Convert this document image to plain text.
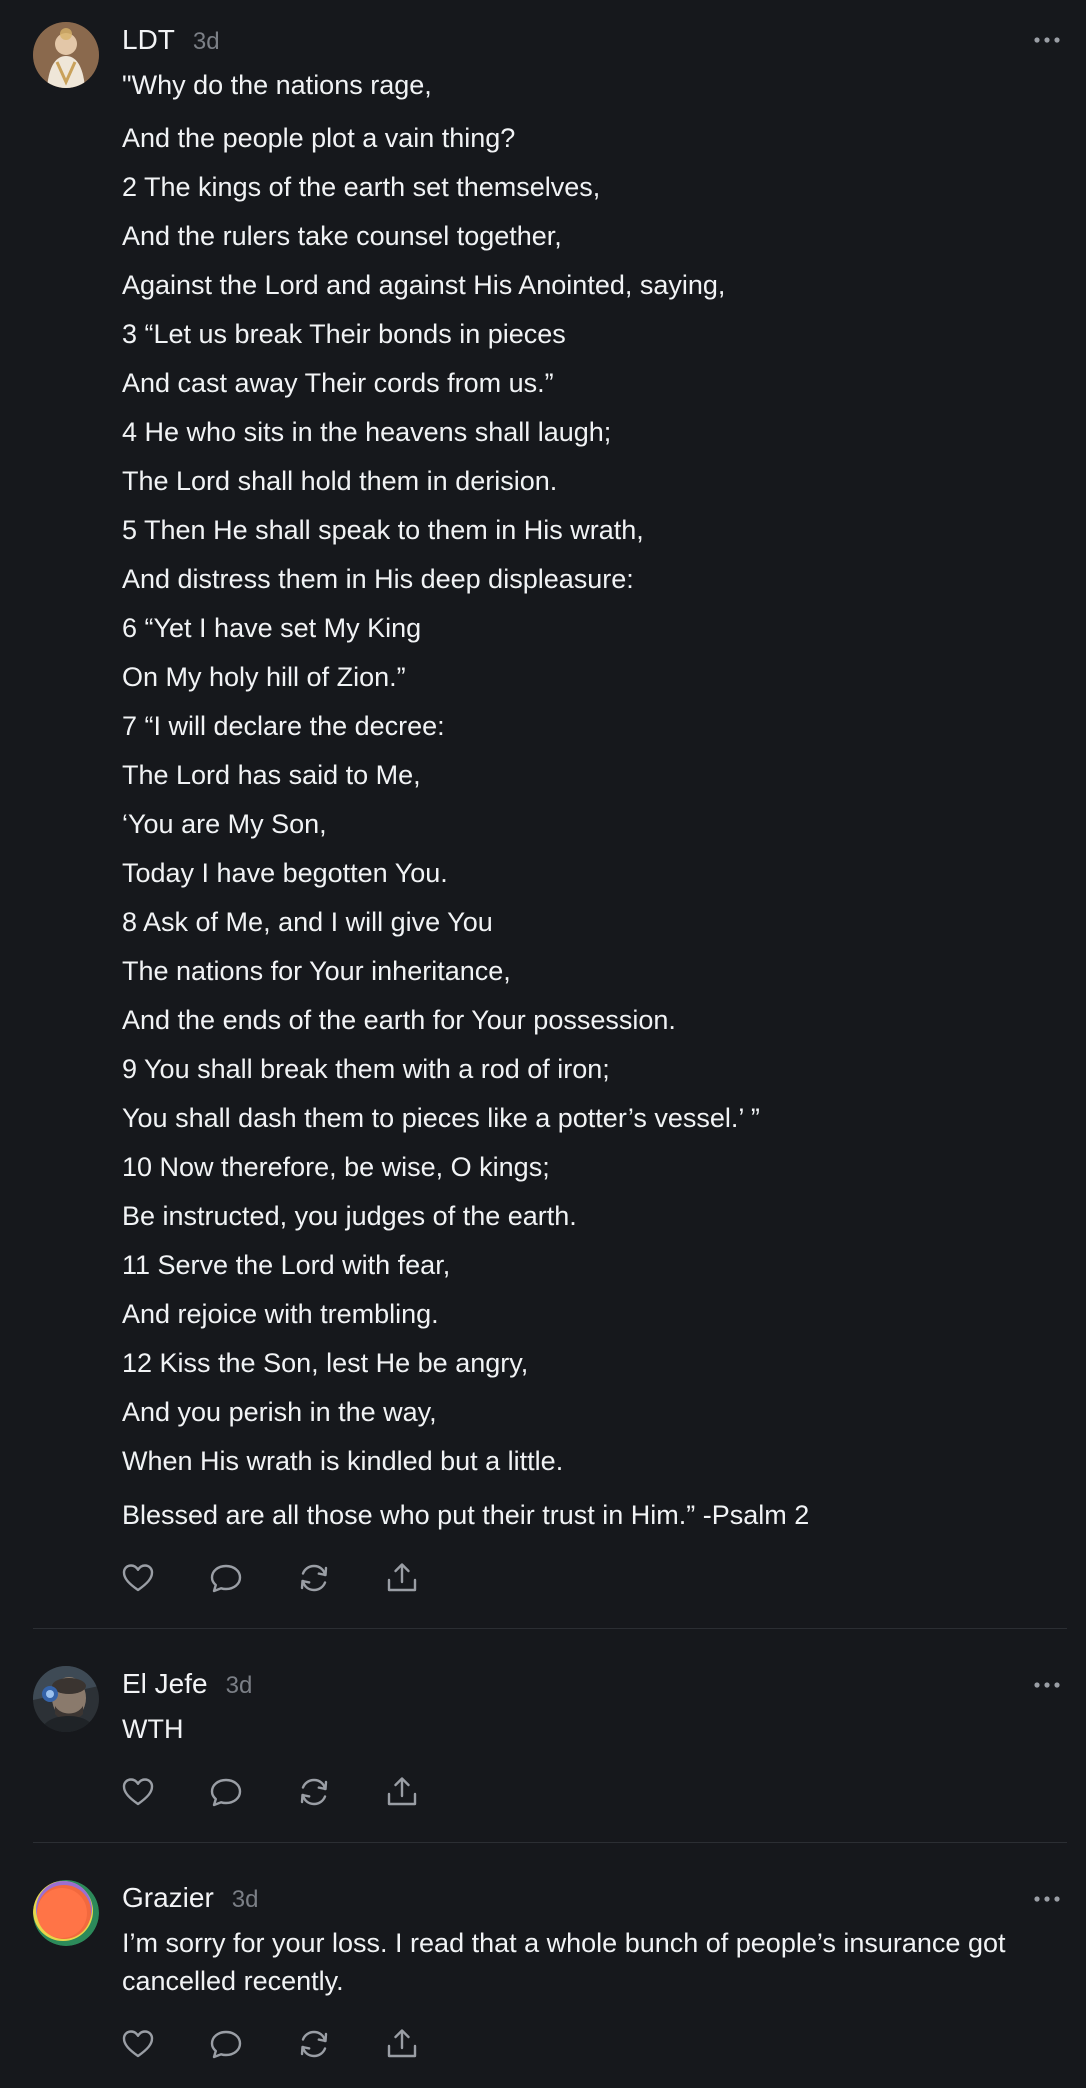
LDT 3d
"Why do the nations rage,
And the people plot a vain thing?
2 The kings of the earth set themselves,
And the rulers take counsel together,
Against the Lord and against His Anointed, saying,
3 “Let us break Their bonds in pieces
And cast away Their cords from us.”
4 He who sits in the heavens shall laugh;
The Lord shall hold them in derision.
5 Then He shall speak to them in His wrath,
And distress them in His deep displeasure:
6 “Yet I have set My King
On My holy hill of Zion.”
7 “I will declare the decree:
The Lord has said to Me,
‘You are My Son,
Today I have begotten You.
8 Ask of Me, and I will give You
The nations for Your inheritance,
And the ends of the earth for Your possession.
9 You shall break them with a rod of iron;
You shall dash them to pieces like a potter’s vessel.’ ”
10 Now therefore, be wise, O kings;
Be instructed, you judges of the earth.
11 Serve the Lord with fear,
And rejoice with trembling.
12 Kiss the Son, lest He be angry,
And you perish in the way,
When His wrath is kindled but a little.
Blessed are all those who put their trust in Him.” -Psalm 2
El Jefe 3d
WTH
Grazier 3d
I’m sorry for your loss. I read that a whole bunch of people’s insurance got cancelled recently.
